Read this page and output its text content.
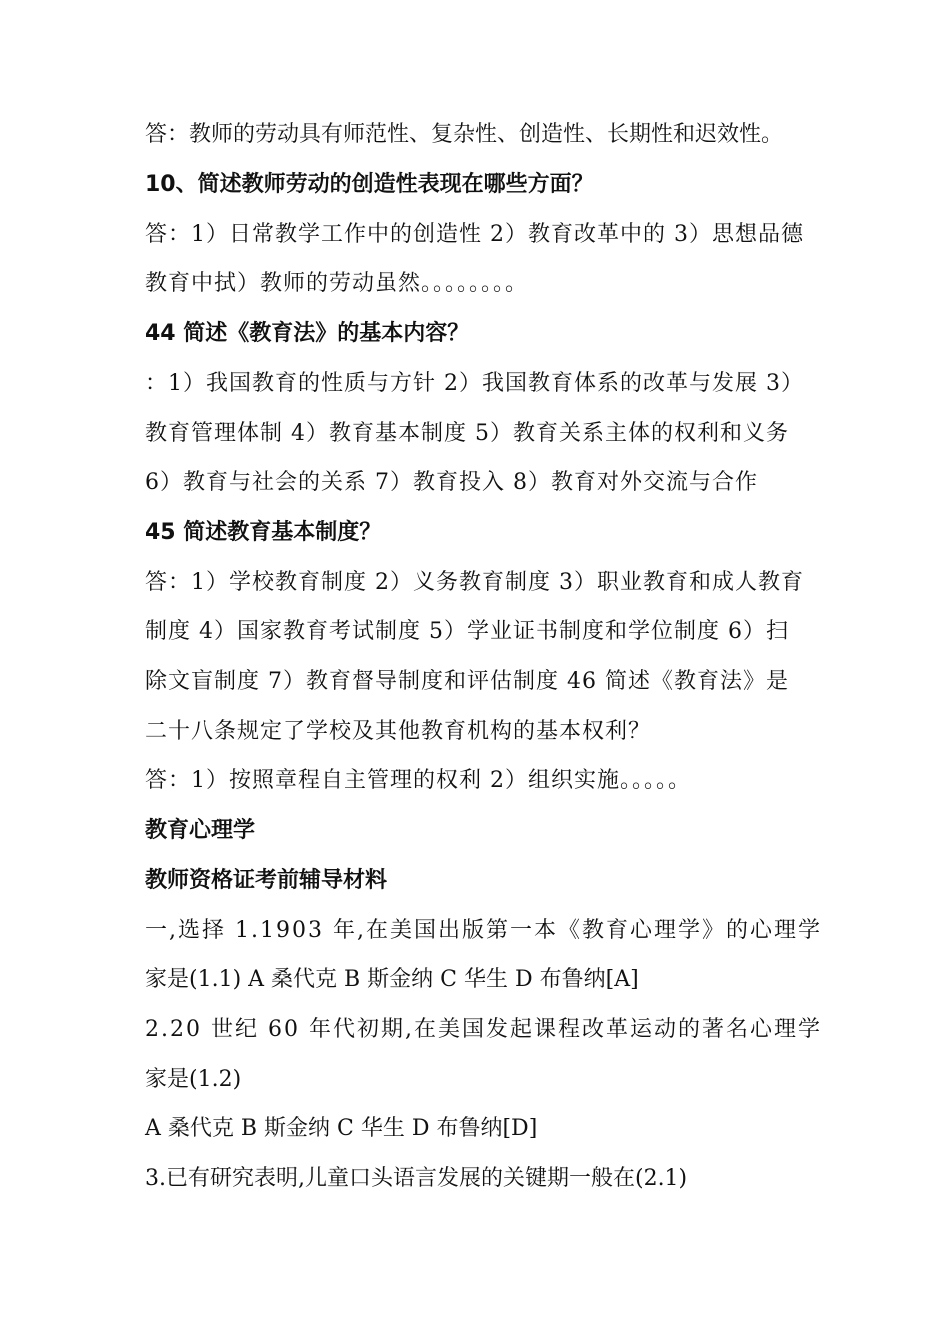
答：教师的劳动具有师范性、复杂性、创造性、长期性和迟效性。
10、简述教师劳动的创造性表现在哪些方面？
答：1）日常教学工作中的创造性 2）教育改革中的 3）思想品德
教育中拭）教师的劳动虽然。。。。。。。。
44 简述《教育法》的基本内容？
：1）我国教育的性质与方针 2）我国教育体系的改革与发展 3）
教育管理体制 4）教育基本制度 5）教育关系主体的权利和义务
6）教育与社会的关系 7）教育投入 8）教育对外交流与合作
45 简述教育基本制度？
答：1）学校教育制度 2）义务教育制度 3）职业教育和成人教育
制度 4）国家教育考试制度 5）学业证书制度和学位制度 6）扫
除文盲制度 7）教育督导制度和评估制度 46 简述《教育法》是
二十八条规定了学校及其他教育机构的基本权利？
答：1）按照章程自主管理的权利 2）组织实施。。。。。
教育心理学
教师资格证考前辅导材料
一,选择 1.1903 年,在美国出版第一本《教育心理学》的心理学
家是(1.1) A 桑代克 B 斯金纳 C 华生 D 布鲁纳[A]
2.20 世纪 60 年代初期,在美国发起课程改革运动的著名心理学
家是(1.2)
A 桑代克 B 斯金纳 C 华生 D 布鲁纳[D]
3.已有研究表明,儿童口头语言发展的关键期一般在(2.1)
